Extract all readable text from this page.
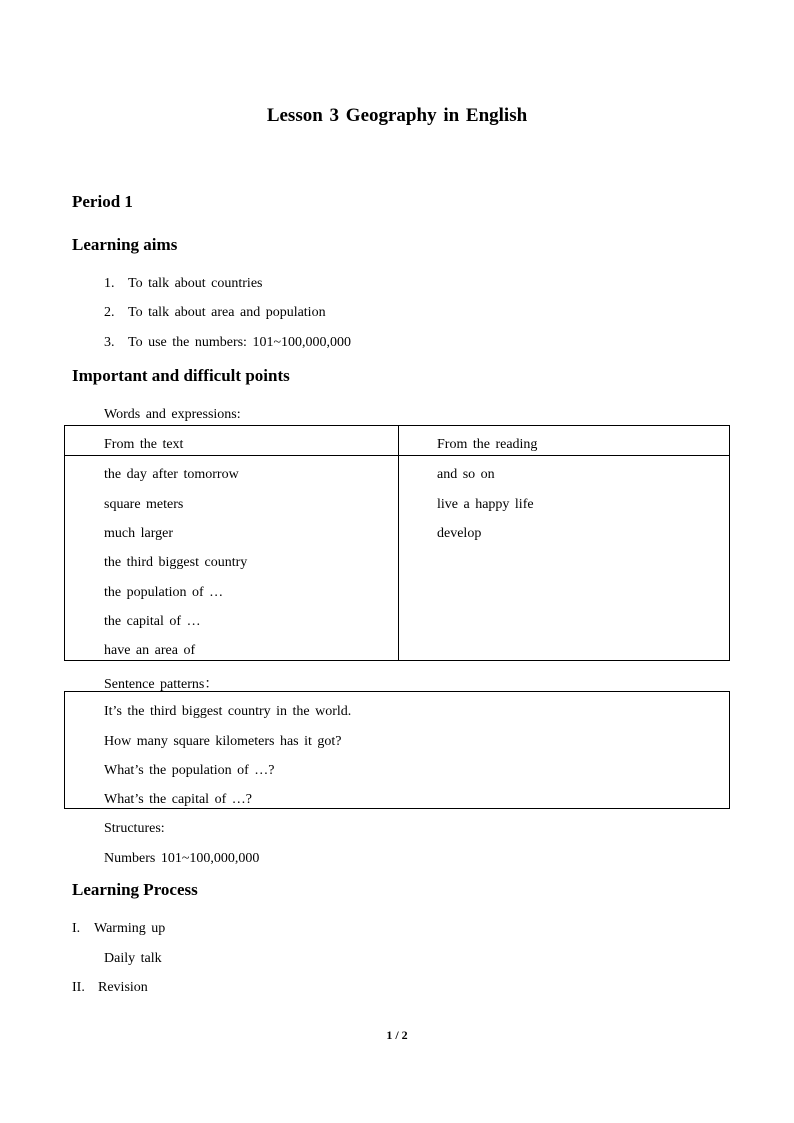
Lesson 3 Geography in English
Period 1
Learning aims
1. To talk about countries
2. To talk about area and population
3. To use the numbers: 101~100,000,000
Important and difficult points
Words and expressions:
From the text	From the reading
the day after tomorrow
square meters
much larger
the third biggest country
the population of …
the capital of …
have an area of
and so on
live a happy life
develop
Sentence patterns：
It’s the third biggest country in the world.
How many square kilometers has it got?
What’s the population of …?
What’s the capital of …?
Structures:
Numbers 101~100,000,000
Learning Process
I. Warming up
Daily talk
II. Revision
1 / 2
